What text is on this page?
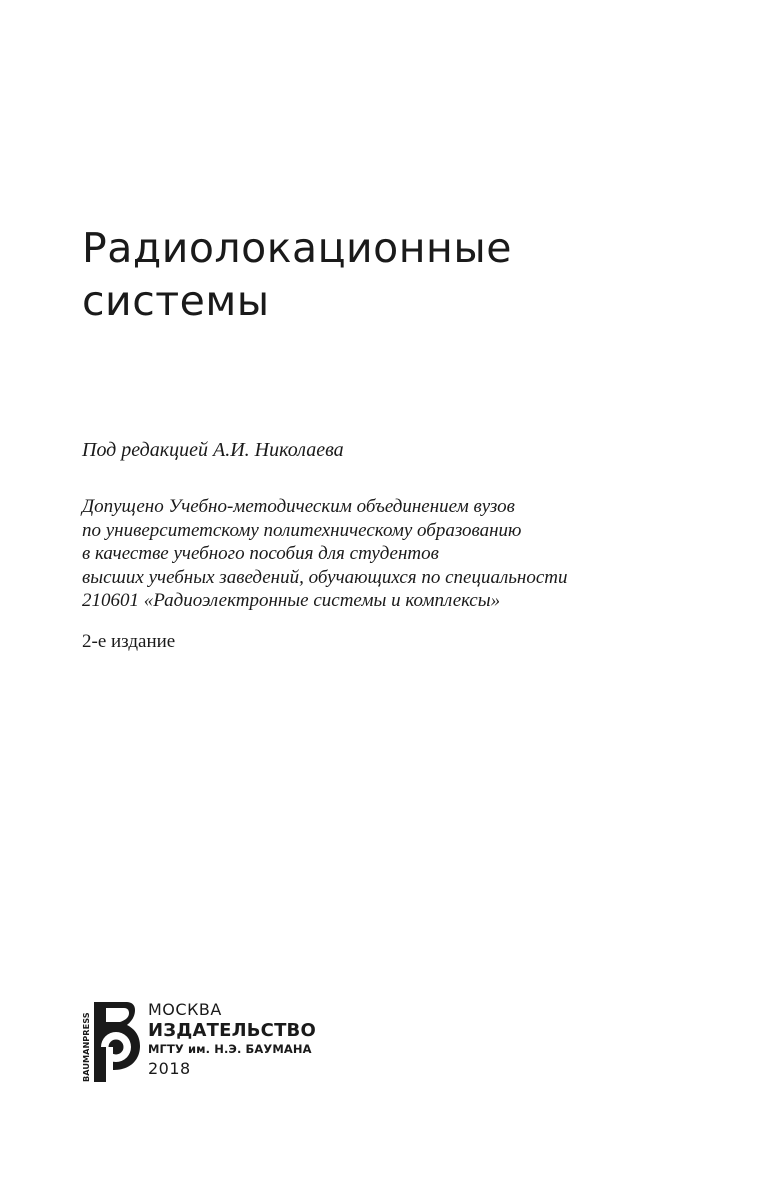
Радиолокационные
системы

Под редакцией А.И. Николаева

Допущено Учебно-методическим объединением вузов
по университетскому политехническому образованию
в качестве учебного пособия для студентов
высших учебных заведений, обучающихся по специальности
210601 «Радиоэлектронные системы и комплексы»

2-е издание

BAUMANPRESS
МОСКВА
ИЗДАТЕЛЬСТВО
МГТУ им. Н.Э. БАУМАНА
2018
